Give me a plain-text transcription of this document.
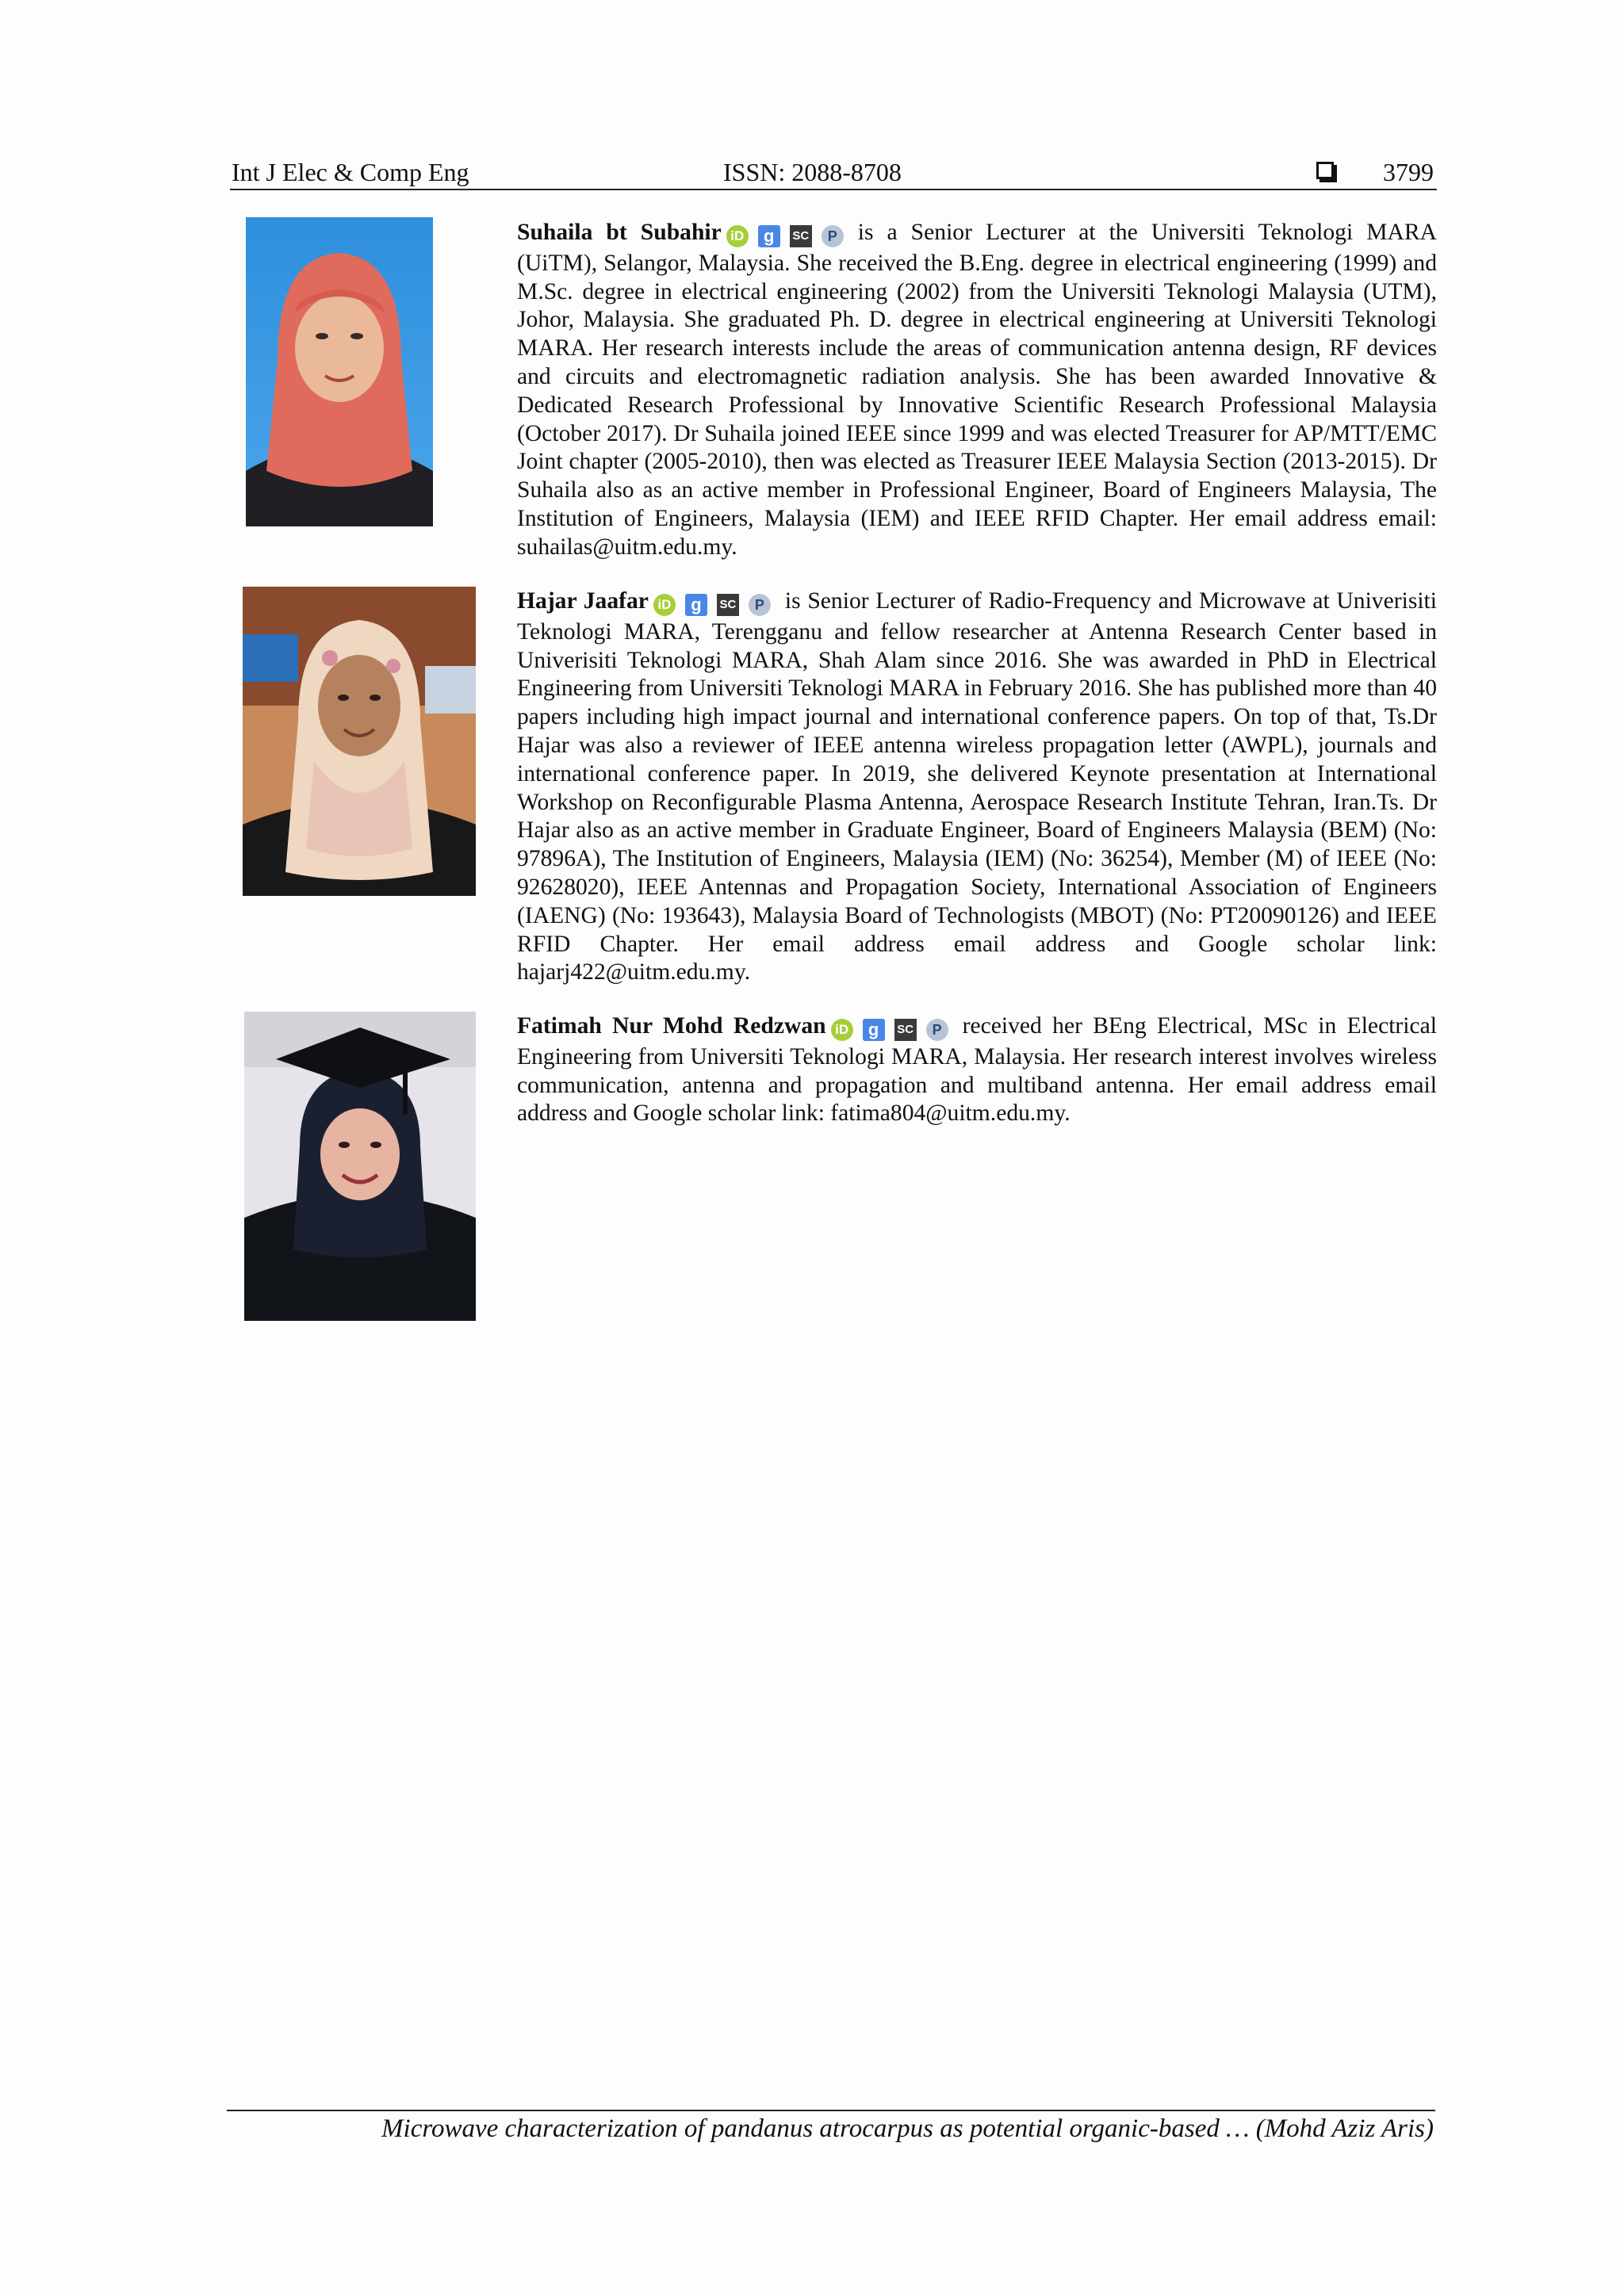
Int J Elec & Comp Eng	ISSN: 2088-8708	3799
Suhaila bt Subahir iD g SC P is a Senior Lecturer at the Universiti Teknologi MARA (UiTM), Selangor, Malaysia. She received the B.Eng. degree in electrical engineering (1999) and M.Sc. degree in electrical engineering (2002) from the Universiti Teknologi Malaysia (UTM), Johor, Malaysia. She graduated Ph. D. degree in electrical engineering at Universiti Teknologi MARA. Her research interests include the areas of communication antenna design, RF devices and circuits and electromagnetic radiation analysis. She has been awarded Innovative & Dedicated Research Professional by Innovative Scientific Research Professional Malaysia (October 2017). Dr Suhaila joined IEEE since 1999 and was elected Treasurer for AP/MTT/EMC Joint chapter (2005-2010), then was elected as Treasurer IEEE Malaysia Section (2013-2015). Dr Suhaila also as an active member in Professional Engineer, Board of Engineers Malaysia, The Institution of Engineers, Malaysia (IEM) and IEEE RFID Chapter. Her email address email: suhailas@uitm.edu.my.
Hajar Jaafar iD g SC P is Senior Lecturer of Radio-Frequency and Microwave at Univerisiti Teknologi MARA, Terengganu and fellow researcher at Antenna Research Center based in Univerisiti Teknologi MARA, Shah Alam since 2016. She was awarded in PhD in Electrical Engineering from Universiti Teknologi MARA in February 2016. She has published more than 40 papers including high impact journal and international conference papers. On top of that, Ts.Dr Hajar was also a reviewer of IEEE antenna wireless propagation letter (AWPL), journals and international conference paper. In 2019, she delivered Keynote presentation at International Workshop on Reconfigurable Plasma Antenna, Aerospace Research Institute Tehran, Iran.Ts. Dr Hajar also as an active member in Graduate Engineer, Board of Engineers Malaysia (BEM) (No: 97896A), The Institution of Engineers, Malaysia (IEM) (No: 36254), Member (M) of IEEE (No: 92628020), IEEE Antennas and Propagation Society, International Association of Engineers (IAENG) (No: 193643), Malaysia Board of Technologists (MBOT) (No: PT20090126) and IEEE RFID Chapter. Her email address email address and Google scholar link: hajarj422@uitm.edu.my.
Fatimah Nur Mohd Redzwan iD g SC P received her BEng Electrical, MSc in Electrical Engineering from Universiti Teknologi MARA, Malaysia. Her research interest involves wireless communication, antenna and propagation and multiband antenna. Her email address email address and Google scholar link: fatima804@uitm.edu.my.
Microwave characterization of pandanus atrocarpus as potential organic-based … (Mohd Aziz Aris)
